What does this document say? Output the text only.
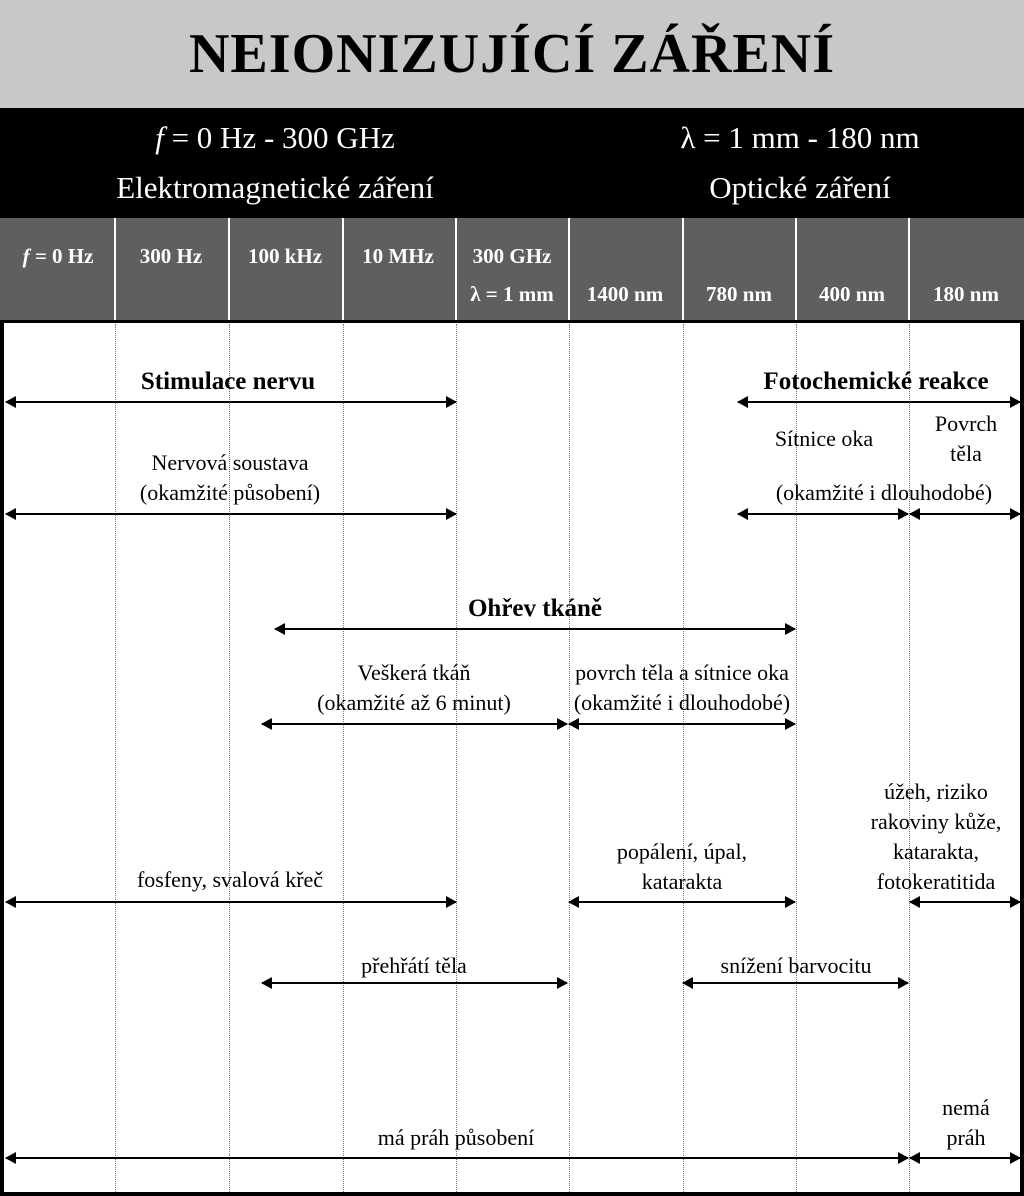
NEIONIZUJÍCÍ ZÁŘENÍ
f = 0 Hz - 300 GHz
Elektromagnetické záření
λ = 1 mm - 180 nm
Optické záření
f = 0 Hz 300 Hz 100 kHz 10 MHz 300 GHz
λ = 1 mm 1400 nm 780 nm 400 nm 180 nm
Stimulace nervu	Fotochemické reakce
Nervová soustava
(okamžité působení)
Sítnice oka
Povrch
těla
(okamžité i dlouhodobé)
Ohřev tkáně
Veškerá tkáň
(okamžité až 6 minut)
povrch těla a sítnice oka
(okamžité i dlouhodobé)
úžeh, riziko
rakoviny kůže,
katarakta,
fotokeratitida
popálení, úpal,
katarakta
fosfeny, svalová křeč
přehřátí těla	snížení barvocitu
nemá
práh
má práh působení
